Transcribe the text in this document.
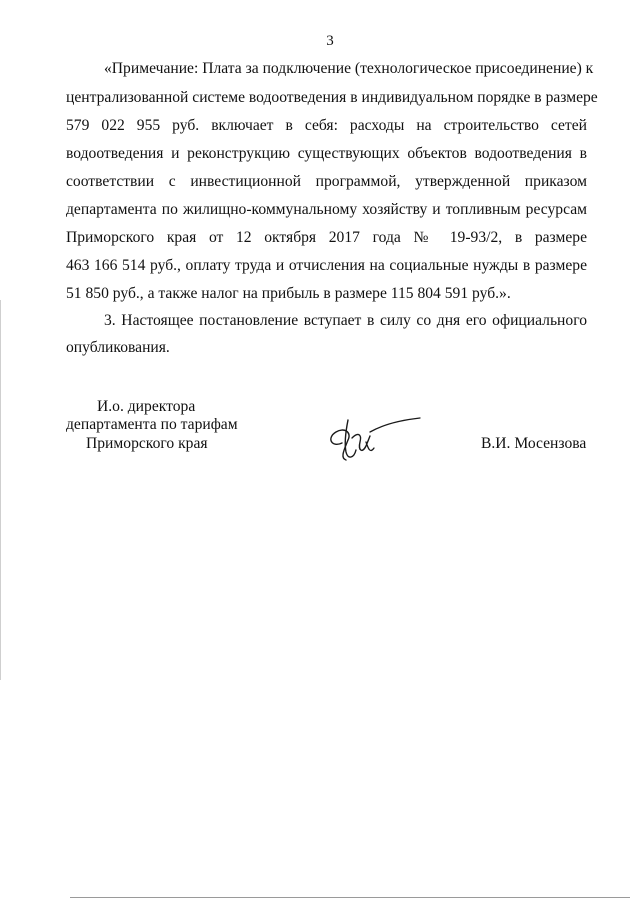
3
«Примечание: Плата за подключение (технологическое присоединение) к
централизованной системе водоотведения в индивидуальном порядке в размере
579 022 955 руб. включает в себя: расходы на строительство сетей
водоотведения и реконструкцию существующих объектов водоотведения в
соответствии с инвестиционной программой, утвержденной приказом
департамента по жилищно-коммунальному хозяйству и топливным ресурсам
Приморского края от 12 октября 2017 года № 19-93/2, в размере
463 166 514 руб., оплату труда и отчисления на социальные нужды в размере
51 850 руб., а также налог на прибыль в размере 115 804 591 руб.».
3. Настоящее постановление вступает в силу со дня его официального
опубликования.
И.о. директора
департамента по тарифам
Приморского края	В.И. Мосензова
